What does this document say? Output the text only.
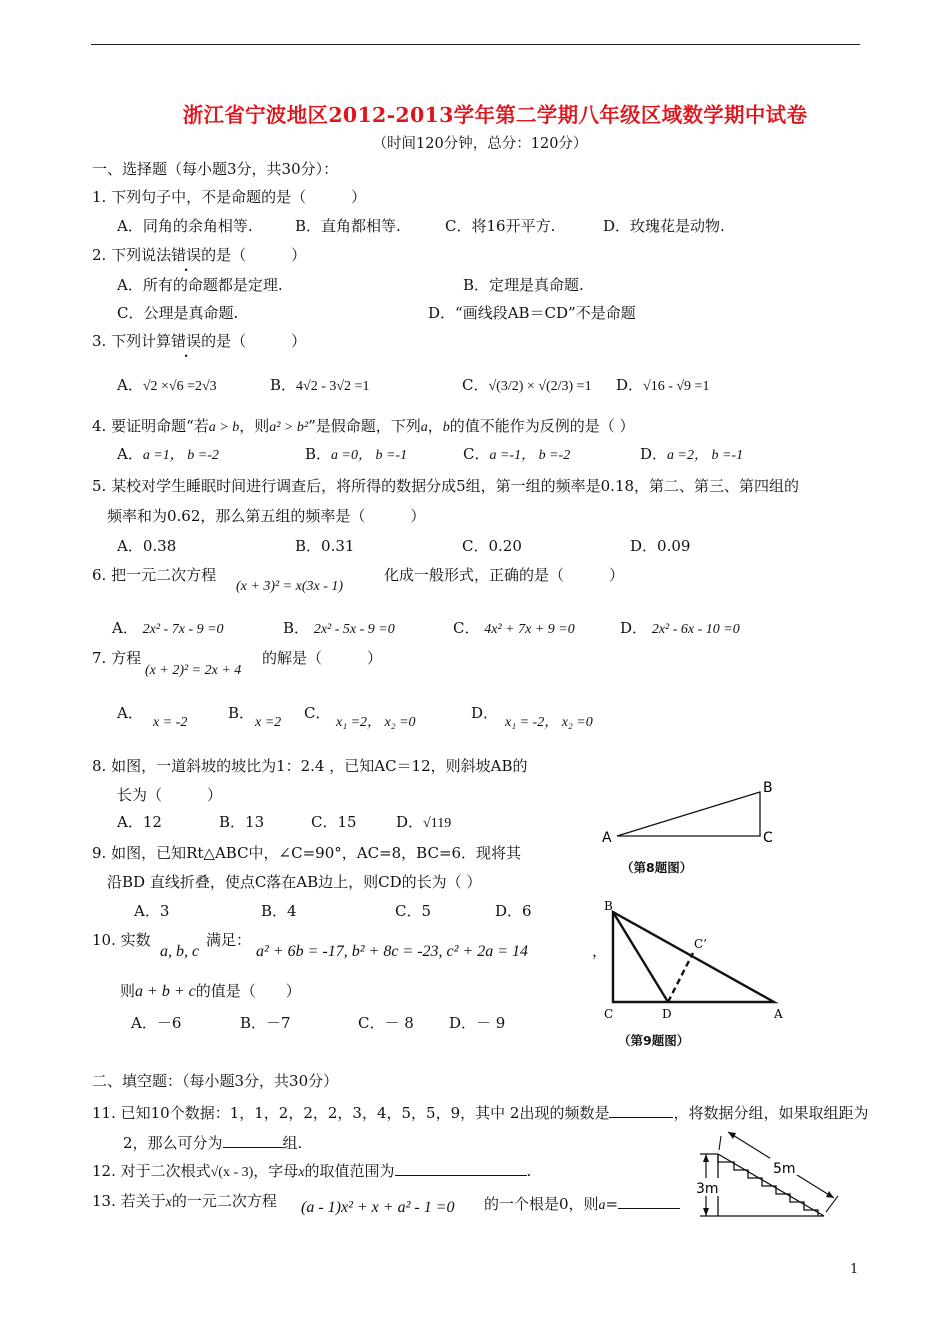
浙江省宁波地区2012-2013学年第二学期八年级区域数学期中试卷
（时间120分钟，总分：120分）
一、选择题（每小题3分，共30分）：
1. 下列句子中，不是命题的是（　　　）
A．同角的余角相等.	B．直角都相等.	C．将16开平方.	D．玫瑰花是动物.
2. 下列说法错误的是（　　　）
A．所有的命题都是定理.	B．定理是真命题.
C．公理是真命题.	D．“画线段AB＝CD”不是命题
3. 下列计算错误的是（　　　）
A．√2 ×√6 =2√3	B．4√2 - 3√2 =1	C．√(3/2) × √(2/3) =1 D．√16 - √9 =1
4. 要证明命题“若a > b，则a² > b²”是假命题，下列a，b的值不能作为反例的是（ ）
A．a =1， b =-2	B．a =0， b =-1	C．a =-1， b =-2	D．a =2， b =-1
5. 某校对学生睡眠时间进行调查后，将所得的数据分成5组，第一组的频率是0.18，第二、第三、第四组的
频率和为0.62，那么第五组的频率是（　　　）
A．0.38	B．0.31	C．0.20	D．0.09
6. 把一元二次方程
(x + 3)² = x(3x - 1)
化成一般形式，正确的是（　　　）
A． 2x² - 7x - 9 =0	B． 2x² - 5x - 9 =0	C． 4x² + 7x + 9 =0	D． 2x² - 6x - 10 =0
7. 方程
(x + 2)² = 2x + 4
的解是（　　　）
A．
x = -2
B．
x =2
C．
x₁ =2， x₂ =0
D．
x₁ = -2， x₂ =0
8. 如图，一道斜坡的坡比为1：2.4 ，已知AC＝12，则斜坡AB的
长为（　　　）
A．12	B．13	C．15	D．√119
A
B
C
（第8题图）
9. 如图，已知Rt△ABC中，∠C=90°，AC=8，BC=6．现将其
沿BD 直线折叠，使点C落在AB边上，则CD的长为（ ）
A．3	B．4	C．5	D．6	B
C	D	A
C’
（第9题图）
10. 实数
a, b, c
满足：
a² + 6b = -17, b² + 8c = -23, c² + 2a = 14	，
则a + b + c的值是（　　）
A．－6	B．－7	C．－ 8 D．－ 9
二、填空题：（每小题3分，共30分）
11. 已知10个数据：1，1，2，2，2，3，4，5，5，9，其中 2出现的频数是	，将数据分组，如果取组距为
2，那么可分为	组.
12. 对于二次根式√(x - 3)，字母x的取值范围为	.
13. 若关于x的一元二次方程 (a - 1)x² + x + a² - 1 =0 的一个根是0，则a=
3m
5m
1
